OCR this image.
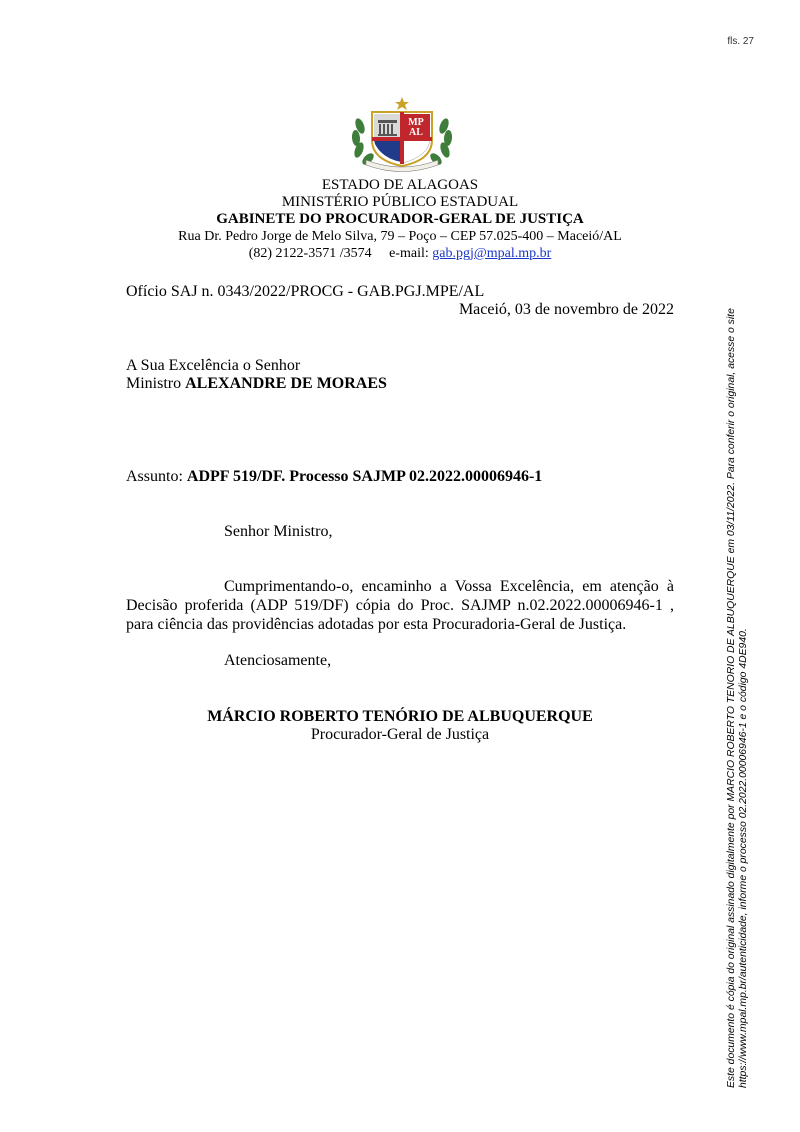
fls. 27
MP
AL
ESTADO DE ALAGOAS
MINISTÉRIO PÚBLICO ESTADUAL
GABINETE DO PROCURADOR-GERAL DE JUSTIÇA
Rua Dr. Pedro Jorge de Melo Silva, 79 – Poço – CEP 57.025-400 – Maceió/AL
(82) 2122-3571 /3574 e-mail: gab.pgj@mpal.mp.br
Ofício SAJ n. 0343/2022/PROCG - GAB.PGJ.MPE/AL
Maceió, 03 de novembro de 2022
A Sua Excelência o Senhor
Ministro ALEXANDRE DE MORAES
Assunto: ADPF 519/DF. Processo SAJMP 02.2022.00006946-1
Senhor Ministro,
Cumprimentando-o, encaminho a Vossa Excelência, em atenção à Decisão proferida (ADP 519/DF) cópia do Proc. SAJMP n.02.2022.00006946-1 , para ciência das providências adotadas por esta Procuradoria-Geral de Justiça.
Atenciosamente,
MÁRCIO ROBERTO TENÓRIO DE ALBUQUERQUE
Procurador-Geral de Justiça	Este documento é cópia do original assinado digitalmente por MARCIO ROBERTO TENORIO DE ALBUQUERQUE em 03/11/2022. Para conferir o original, acesse o site https://www.mpal.mp.br/autenticidade, informe o processo 02.2022.00006946-1 e o código 4DE940.
